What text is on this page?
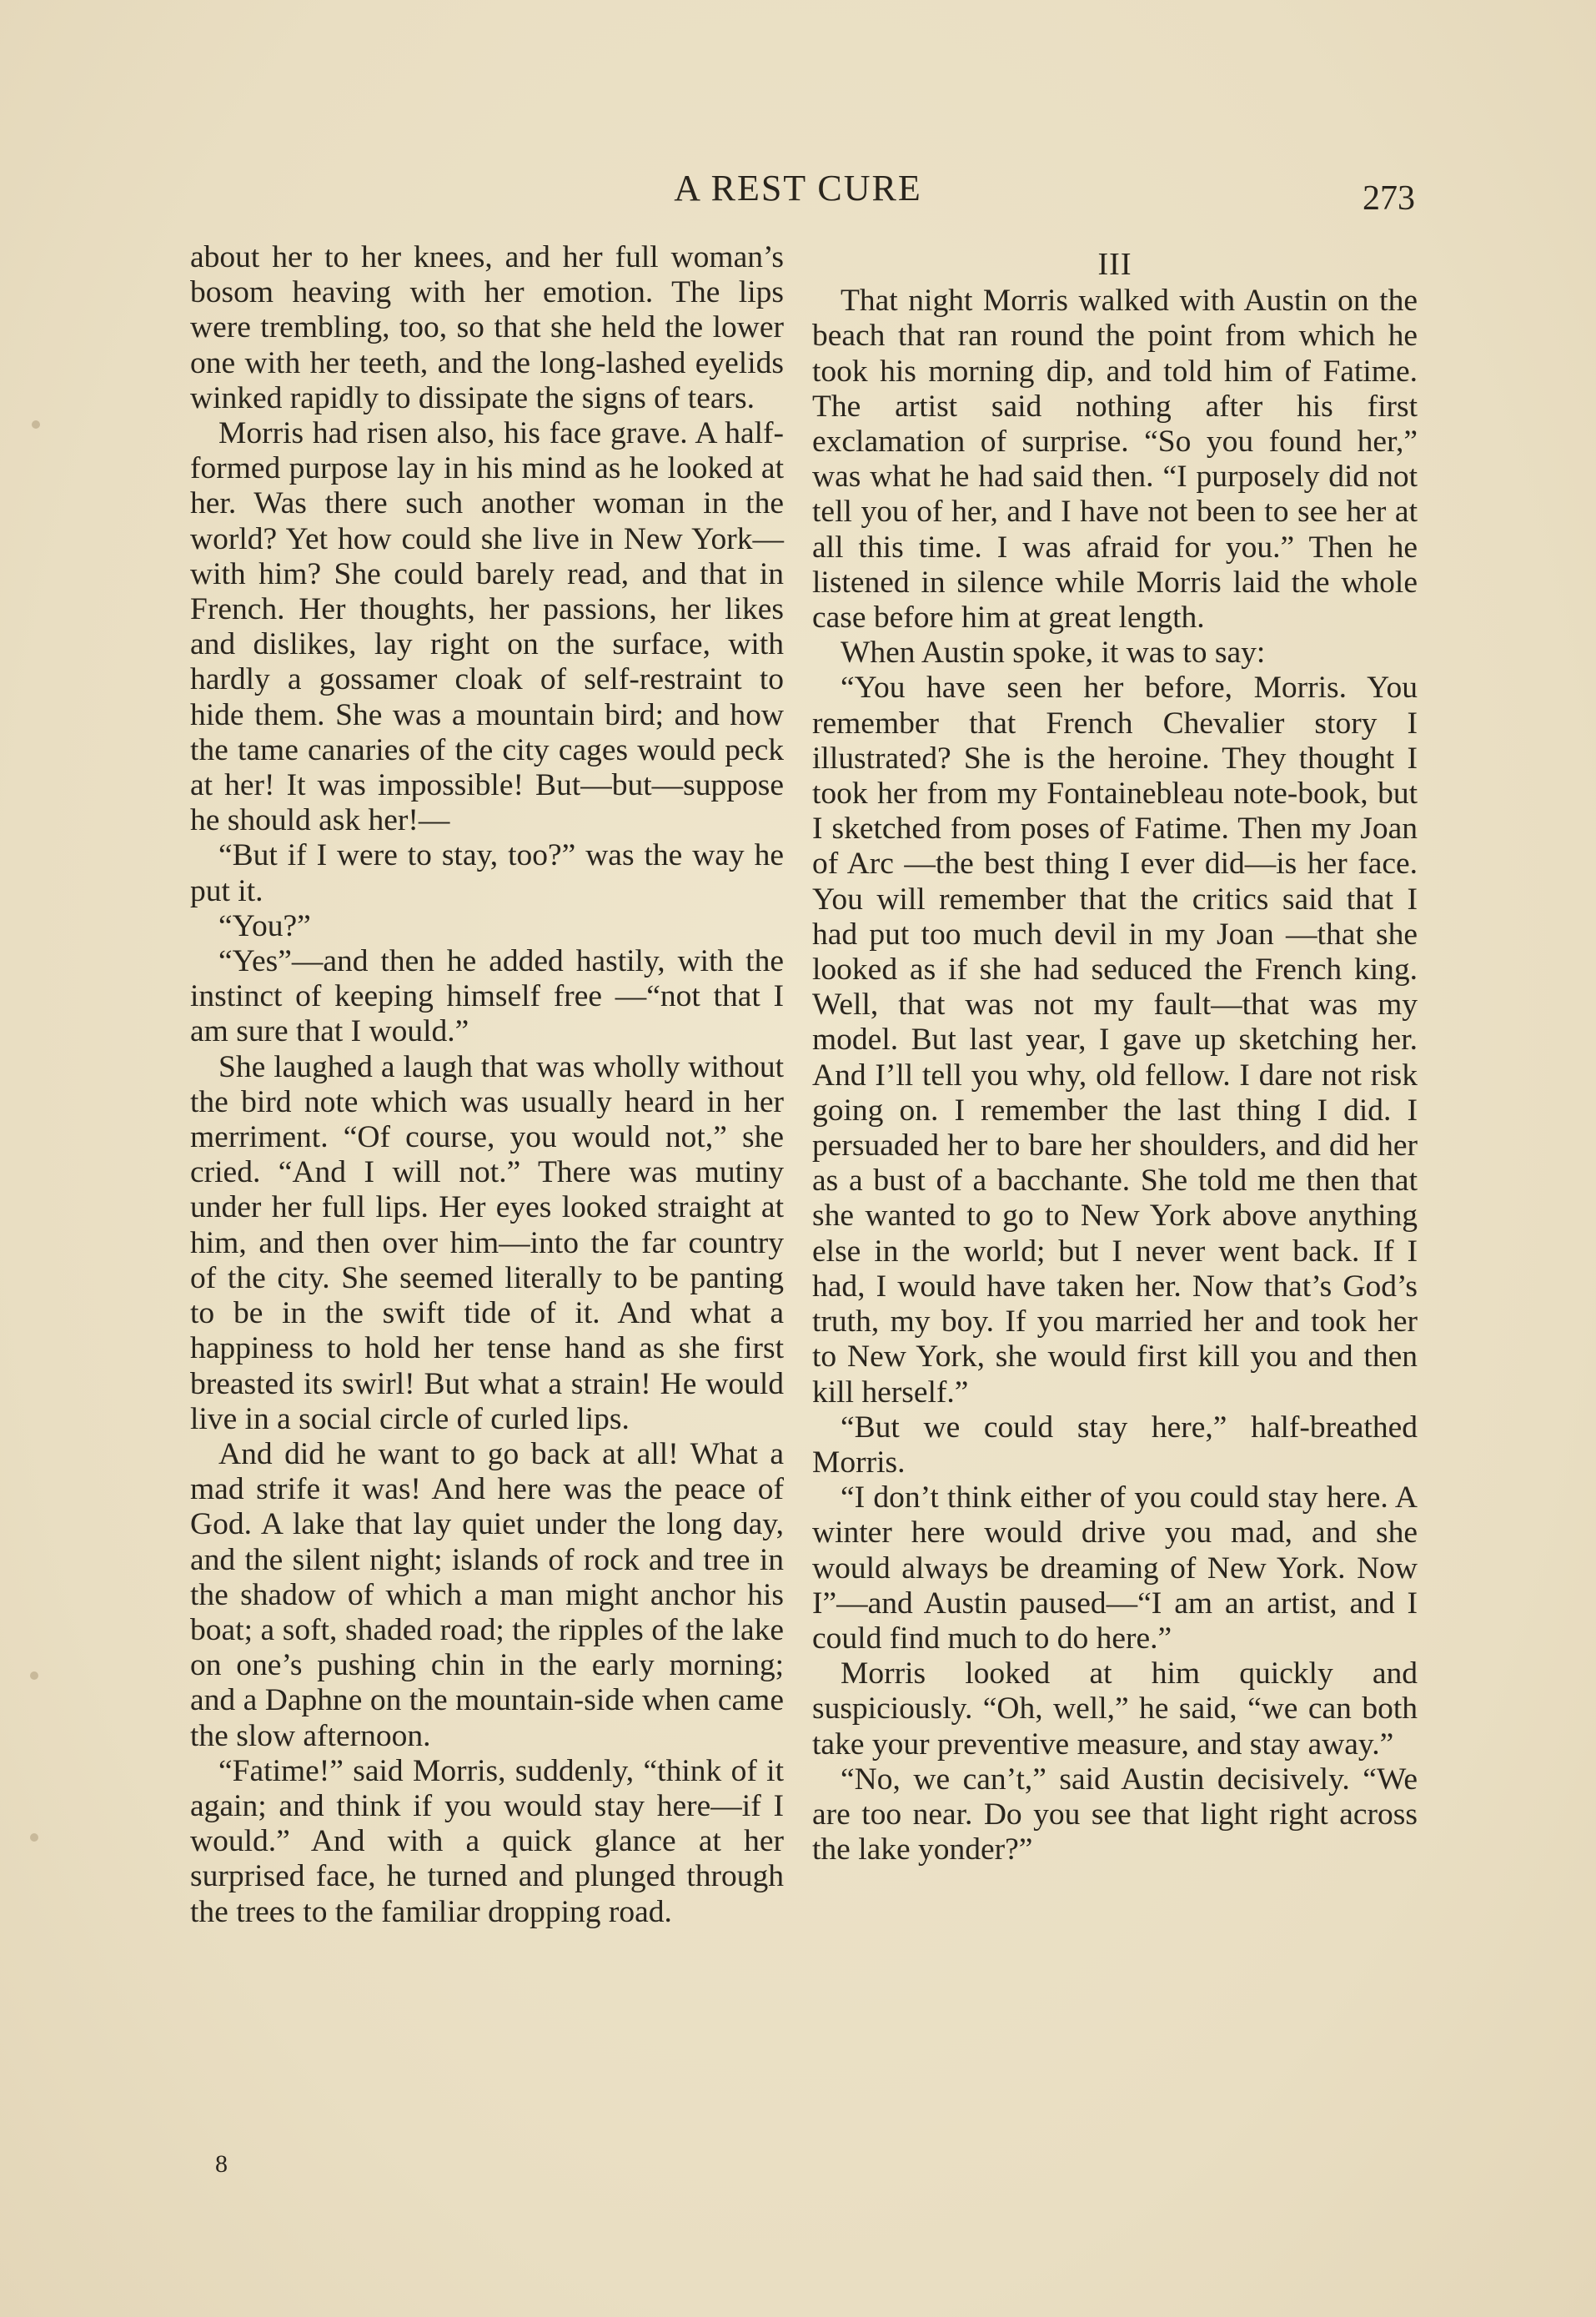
A REST CURE	273

about her to her knees, and her full woman’s bosom heaving with her emotion. The lips were trembling, too, so that she held the lower one with her teeth, and the long-lashed eyelids winked rapidly to dissipate the signs of tears.

Morris had risen also, his face grave. A half-formed purpose lay in his mind as he looked at her. Was there such another woman in the world? Yet how could she live in New York—with him? She could barely read, and that in French. Her thoughts, her passions, her likes and dislikes, lay right on the surface, with hardly a gossamer cloak of self-restraint to hide them. She was a mountain bird; and how the tame canaries of the city cages would peck at her! It was impossible! But—but—suppose he should ask her!—

“But if I were to stay, too?” was the way he put it.

“You?”

“Yes”—and then he added hastily, with the instinct of keeping himself free —“not that I am sure that I would.”

She laughed a laugh that was wholly without the bird note which was usually heard in her merriment. “Of course, you would not,” she cried. “And I will not.” There was mutiny under her full lips. Her eyes looked straight at him, and then over him—into the far country of the city. She seemed literally to be panting to be in the swift tide of it. And what a happiness to hold her tense hand as she first breasted its swirl! But what a strain! He would live in a social circle of curled lips.

And did he want to go back at all! What a mad strife it was! And here was the peace of God. A lake that lay quiet under the long day, and the silent night; islands of rock and tree in the shadow of which a man might anchor his boat; a soft, shaded road; the ripples of the lake on one’s pushing chin in the early morning; and a Daphne on the mountain-side when came the slow afternoon.

“Fatime!” said Morris, suddenly, “think of it again; and think if you would stay here—if I would.” And with a quick glance at her surprised face, he turned and plunged through the trees to the familiar dropping road.

III

That night Morris walked with Austin on the beach that ran round the point from which he took his morning dip, and told him of Fatime. The artist said nothing after his first exclamation of surprise. “So you found her,” was what he had said then. “I purposely did not tell you of her, and I have not been to see her at all this time. I was afraid for you.” Then he listened in silence while Morris laid the whole case before him at great length.

When Austin spoke, it was to say:

“You have seen her before, Morris. You remember that French Chevalier story I illustrated? She is the heroine. They thought I took her from my Fontainebleau note-book, but I sketched from poses of Fatime. Then my Joan of Arc —the best thing I ever did—is her face. You will remember that the critics said that I had put too much devil in my Joan —that she looked as if she had seduced the French king. Well, that was not my fault—that was my model. But last year, I gave up sketching her. And I’ll tell you why, old fellow. I dare not risk going on. I remember the last thing I did. I persuaded her to bare her shoulders, and did her as a bust of a bacchante. She told me then that she wanted to go to New York above anything else in the world; but I never went back. If I had, I would have taken her. Now that’s God’s truth, my boy. If you married her and took her to New York, she would first kill you and then kill herself.”

“But we could stay here,” half-breathed Morris.

“I don’t think either of you could stay here. A winter here would drive you mad, and she would always be dreaming of New York. Now I”—and Austin paused—“I am an artist, and I could find much to do here.”

Morris looked at him quickly and suspiciously. “Oh, well,” he said, “we can both take your preventive measure, and stay away.”

“No, we can’t,” said Austin decisively. “We are too near. Do you see that light right across the lake yonder?”

8
